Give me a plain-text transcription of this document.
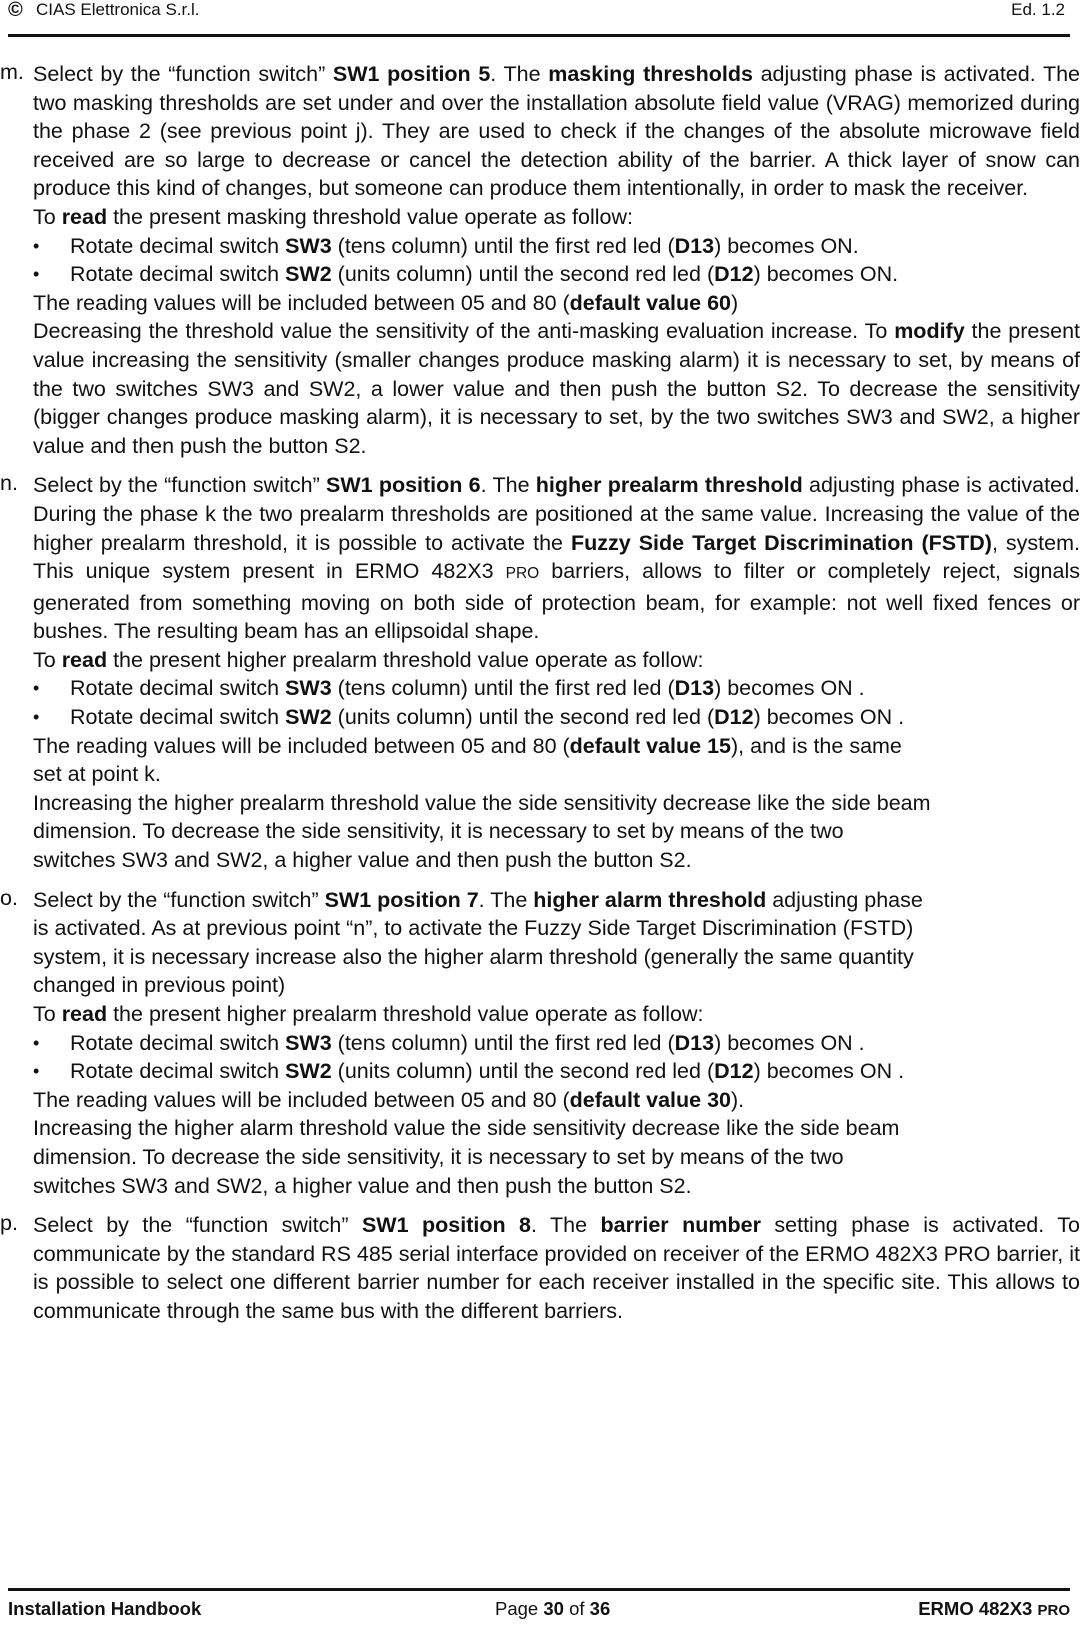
© CIAS Elettronica S.r.l.	Ed. 1.2
m. Select by the “function switch” SW1 position 5. The masking thresholds adjusting phase is activated. The two masking thresholds are set under and over the installation absolute field value (VRAG) memorized during the phase 2 (see previous point j). They are used to check if the changes of the absolute microwave field received are so large to decrease or cancel the detection ability of the barrier. A thick layer of snow can produce this kind of changes, but someone can produce them intentionally, in order to mask the receiver.

To read the present masking threshold value operate as follow:

• Rotate decimal switch SW3 (tens column) until the first red led (D13) becomes ON.
• Rotate decimal switch SW2 (units column) until the second red led (D12) becomes ON.

The reading values will be included between 05 and 80 (default value 60)

Decreasing the threshold value the sensitivity of the anti-masking evaluation increase. To modify the present value increasing the sensitivity (smaller changes produce masking alarm) it is necessary to set, by means of the two switches SW3 and SW2, a lower value and then push the button S2. To decrease the sensitivity (bigger changes produce masking alarm), it is necessary to set, by the two switches SW3 and SW2, a higher value and then push the button S2.

n. Select by the “function switch” SW1 position 6. The higher prealarm threshold adjusting phase is activated. During the phase k the two prealarm thresholds are positioned at the same value. Increasing the value of the higher prealarm threshold, it is possible to activate the Fuzzy Side Target Discrimination (FSTD), system. This unique system present in ERMO 482X3 PRO barriers, allows to filter or completely reject, signals generated from something moving on both side of protection beam, for example: not well fixed fences or bushes. The resulting beam has an ellipsoidal shape.

To read the present higher prealarm threshold value operate as follow:

• Rotate decimal switch SW3 (tens column) until the first red led (D13) becomes ON .
• Rotate decimal switch SW2 (units column) until the second red led (D12) becomes ON .

The reading values will be included between 05 and 80 (default value 15), and is the same
set at point k.

Increasing the higher prealarm threshold value the side sensitivity decrease like the side beam
dimension. To decrease the side sensitivity, it is necessary to set by means of the two
switches SW3 and SW2, a higher value and then push the button S2.

o. Select by the “function switch” SW1 position 7. The higher alarm threshold adjusting phase
is activated. As at previous point “n”, to activate the Fuzzy Side Target Discrimination (FSTD)
system, it is necessary increase also the higher alarm threshold (generally the same quantity
changed in previous point)

To read the present higher prealarm threshold value operate as follow:

• Rotate decimal switch SW3 (tens column) until the first red led (D13) becomes ON .
• Rotate decimal switch SW2 (units column) until the second red led (D12) becomes ON .

The reading values will be included between 05 and 80 (default value 30).

Increasing the higher alarm threshold value the side sensitivity decrease like the side beam
dimension. To decrease the side sensitivity, it is necessary to set by means of the two
switches SW3 and SW2, a higher value and then push the button S2.

p. Select by the “function switch” SW1 position 8. The barrier number setting phase is activated. To communicate by the standard RS 485 serial interface provided on receiver of the ERMO 482X3 PRO barrier, it is possible to select one different barrier number for each receiver installed in the specific site. This allows to communicate through the same bus with the different barriers.

Installation Handbook	Page 30 of 36	ERMO 482X3 PRO
